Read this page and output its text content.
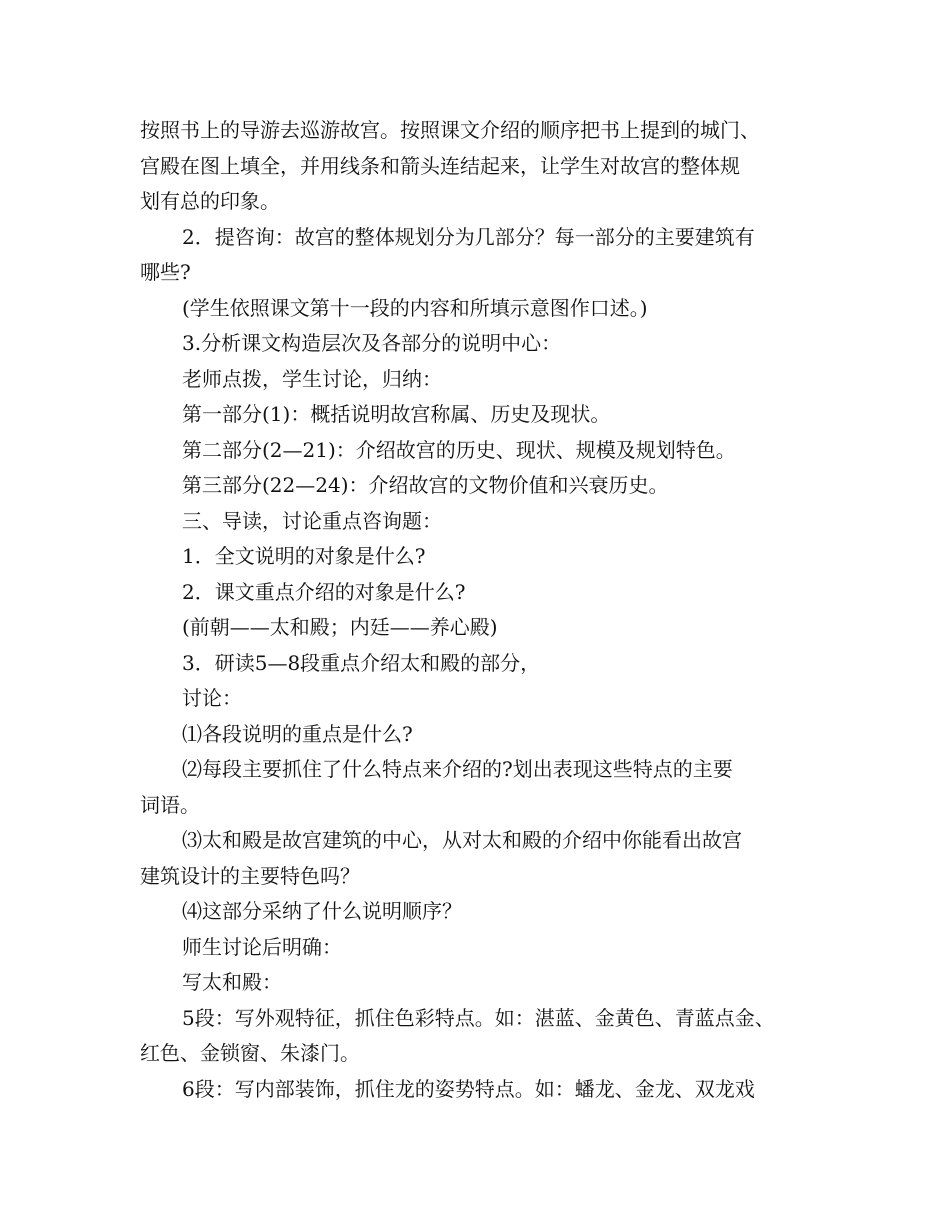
按照书上的导游去巡游故宫。按照课文介绍的顺序把书上提到的城门、
宫殿在图上填全，并用线条和箭头连结起来，让学生对故宫的整体规
划有总的印象。
2．提咨询：故宫的整体规划分为几部分？每一部分的主要建筑有
哪些?
(学生依照课文第十一段的内容和所填示意图作口述。)
3.分析课文构造层次及各部分的说明中心：
老师点拨，学生讨论，归纳：
第一部分(1)：概括说明故宫称属、历史及现状。
第二部分(2—21)：介绍故宫的历史、现状、规模及规划特色。
第三部分(22—24)：介绍故宫的文物价值和兴衰历史。
三、导读，讨论重点咨询题：
1．全文说明的对象是什么?
2．课文重点介绍的对象是什么?
(前朝——太和殿；内廷——养心殿)
3．研读5—8段重点介绍太和殿的部分，
讨论：
⑴各段说明的重点是什么?
⑵每段主要抓住了什么特点来介绍的?划出表现这些特点的主要
词语。
⑶太和殿是故宫建筑的中心，从对太和殿的介绍中你能看出故宫
建筑设计的主要特色吗？
⑷这部分采纳了什么说明顺序？
师生讨论后明确：
写太和殿：
5段：写外观特征，抓住色彩特点。如：湛蓝、金黄色、青蓝点金、
红色、金锁窗、朱漆门。
6段：写内部装饰，抓住龙的姿势特点。如：蟠龙、金龙、双龙戏
